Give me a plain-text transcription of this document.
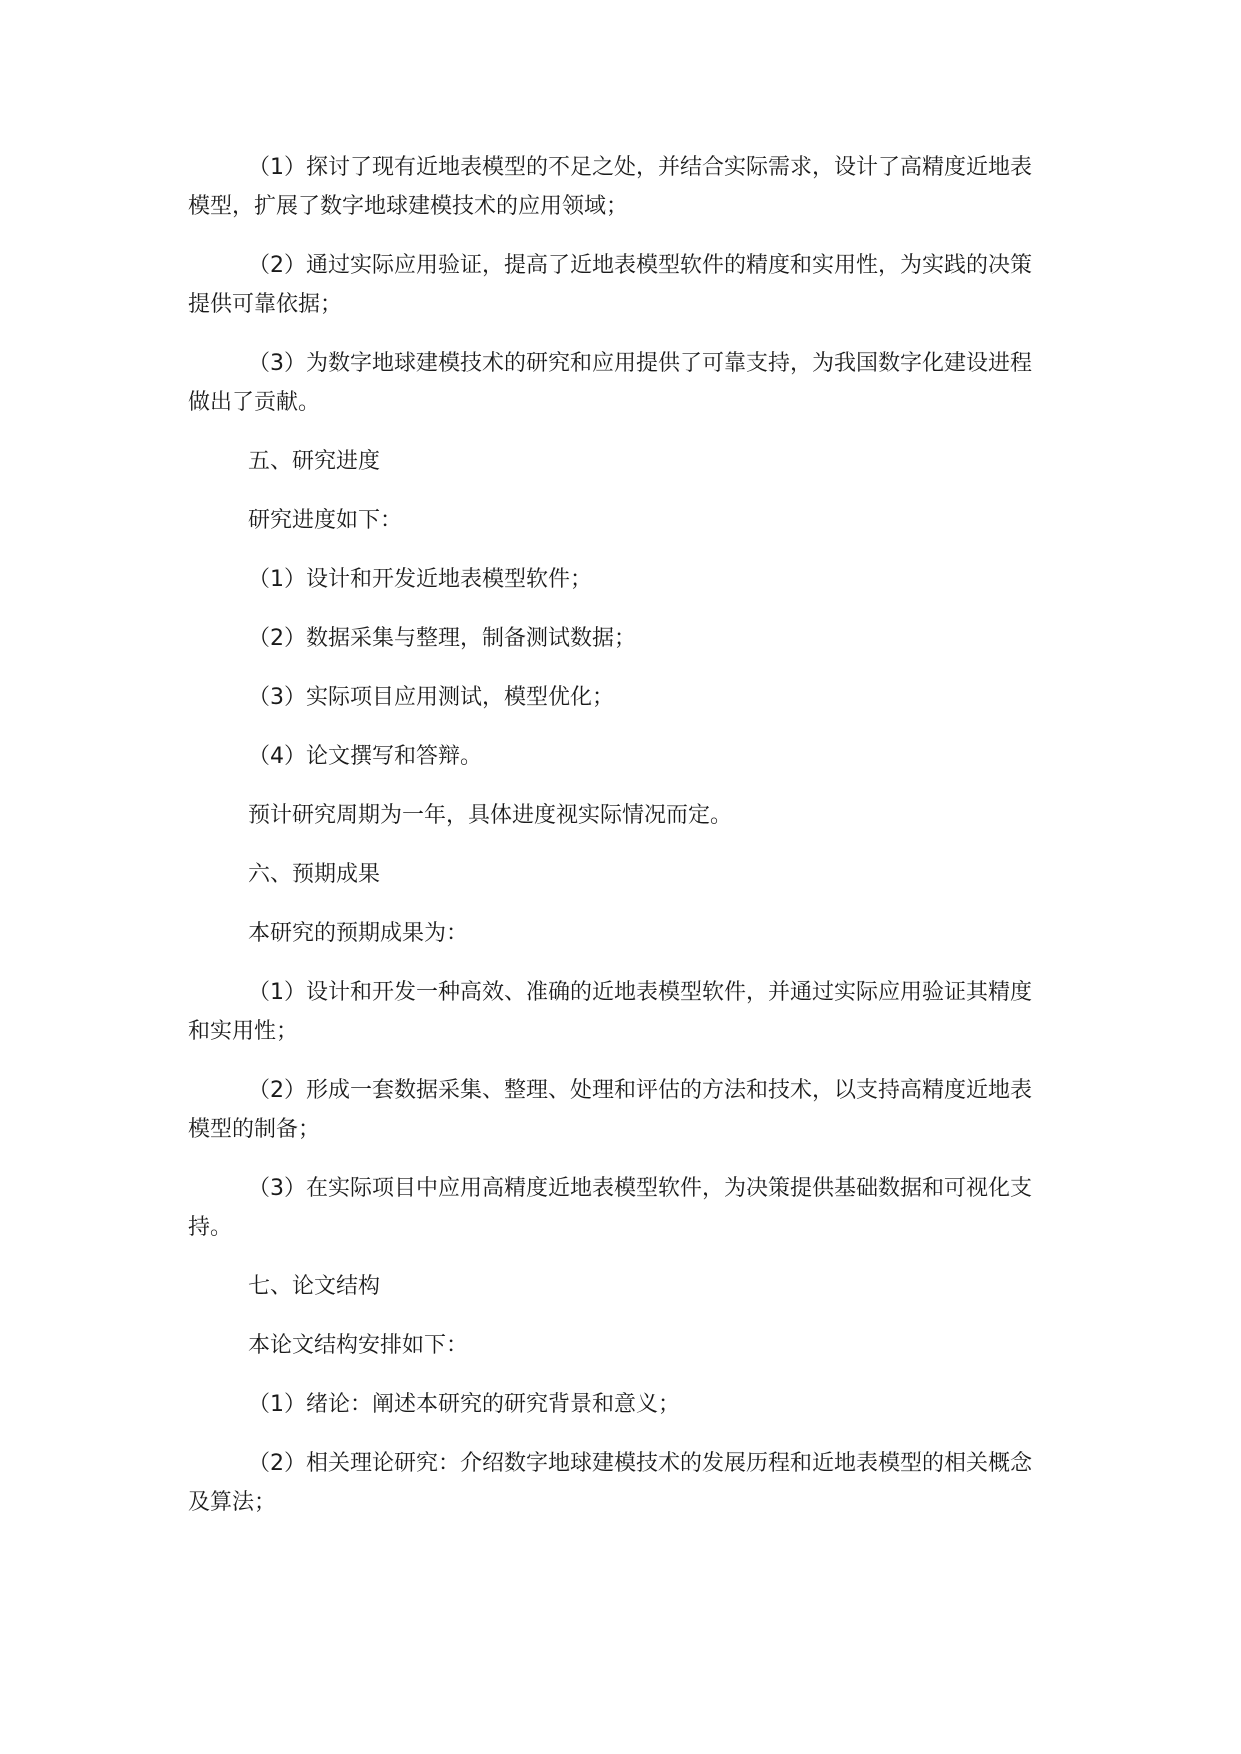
（1）探讨了现有近地表模型的不足之处，并结合实际需求，设计了高精度近地表模型，扩展了数字地球建模技术的应用领域；

（2）通过实际应用验证，提高了近地表模型软件的精度和实用性，为实践的决策提供可靠依据；

（3）为数字地球建模技术的研究和应用提供了可靠支持，为我国数字化建设进程做出了贡献。

五、研究进度

研究进度如下：

（1）设计和开发近地表模型软件；

（2）数据采集与整理，制备测试数据；

（3）实际项目应用测试，模型优化；

（4）论文撰写和答辩。

预计研究周期为一年，具体进度视实际情况而定。

六、预期成果

本研究的预期成果为：

（1）设计和开发一种高效、准确的近地表模型软件，并通过实际应用验证其精度和实用性；

（2）形成一套数据采集、整理、处理和评估的方法和技术，以支持高精度近地表模型的制备；

（3）在实际项目中应用高精度近地表模型软件，为决策提供基础数据和可视化支持。

七、论文结构

本论文结构安排如下：

（1）绪论：阐述本研究的研究背景和意义；

（2）相关理论研究：介绍数字地球建模技术的发展历程和近地表模型的相关概念及算法；
